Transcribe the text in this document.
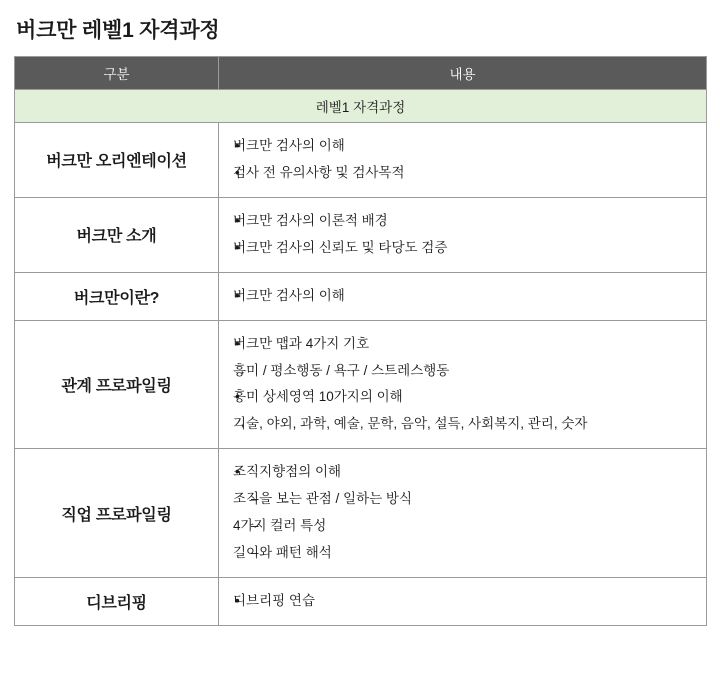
버크만 레벨1 자격과정
구분	내용
레벨1 자격과정	
버크만 오리엔테이션	
• 버크만 검사의 이해
• 검사 전 유의사항 및 검사목적

버크만 소개	
• 버크만 검사의 이론적 배경
• 버크만 검사의 신뢰도 및 타당도 검증

버크만이란?	
• 버크만 검사의 이해

관계 프로파일링	
• 버크만 맵과 4가지 기호
→ 흥미 / 평소행동 / 욕구 / 스트레스행동
• 흥미 상세영역 10가지의 이해
→ 기술, 야외, 과학, 예술, 문학, 음악, 설득, 사회복지, 관리, 숫자

직업 프로파일링	
• 조직지향점의 이해
– 조직을 보는 관점 / 일하는 방식
– 4가지 컬러 특성
– 길이와 패턴 해석

디브리핑	
• 디브리핑 연습
